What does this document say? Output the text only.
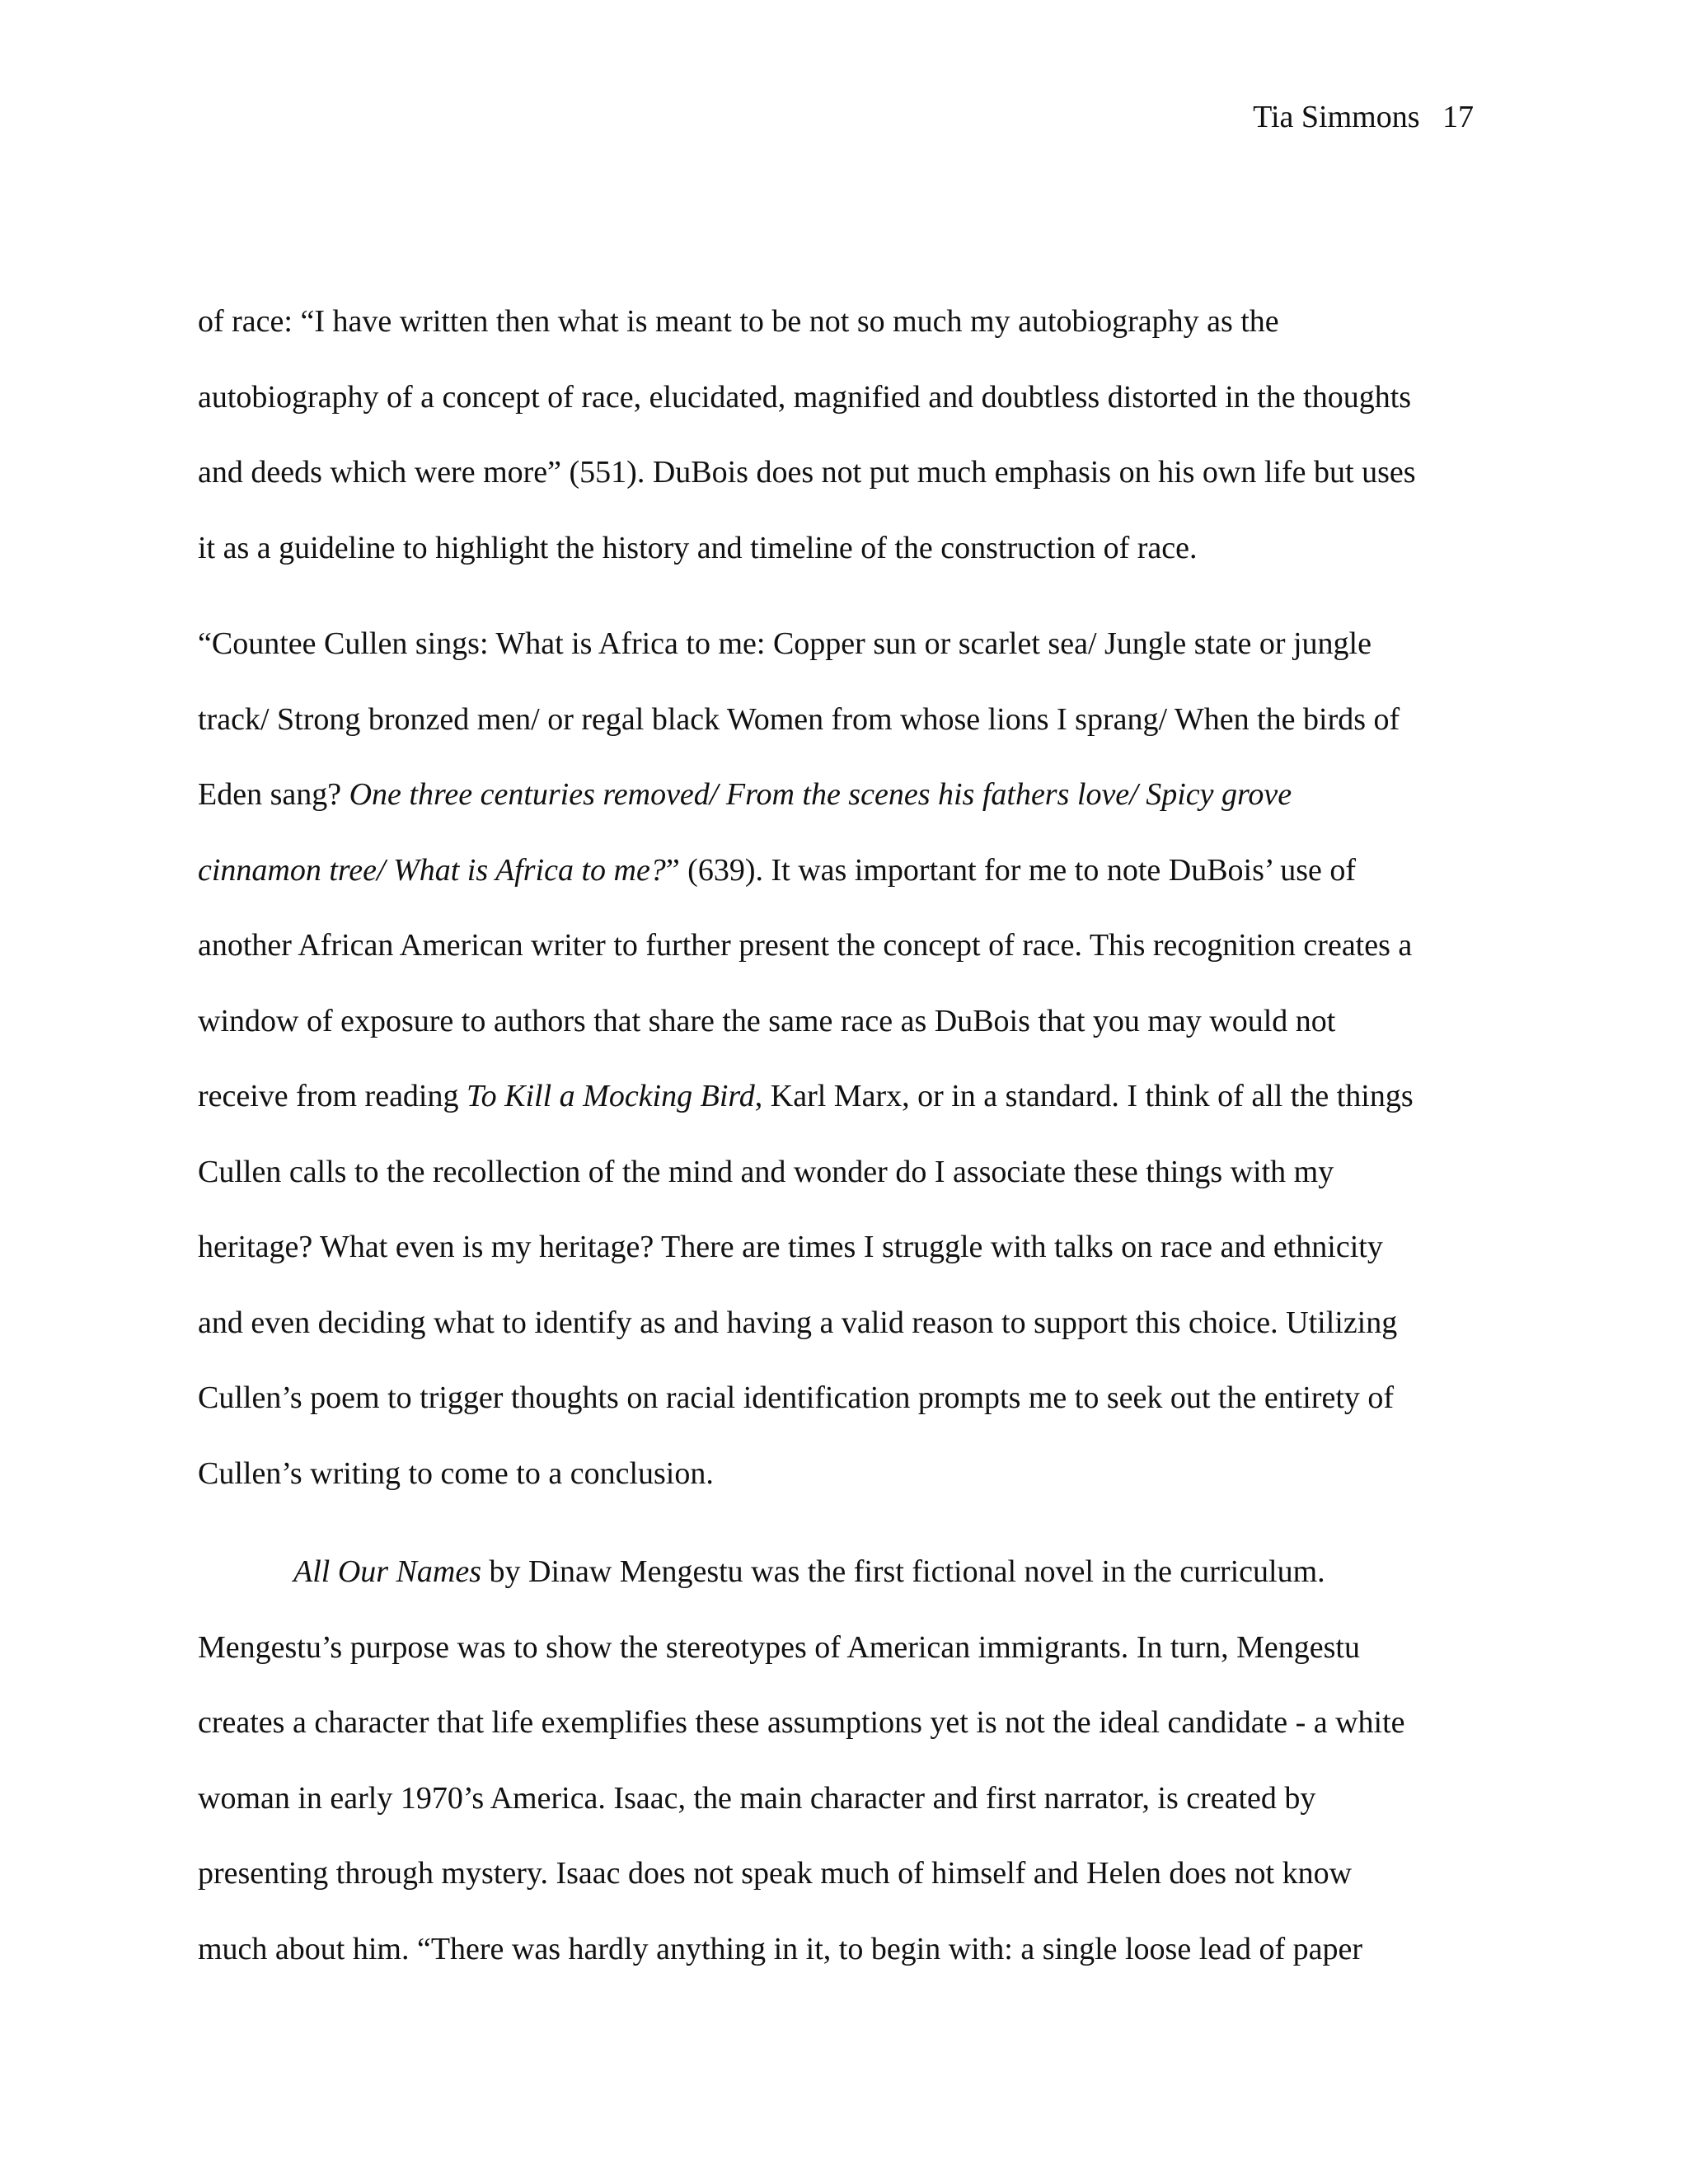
Tia Simmons 17
of race: “I have written then what is meant to be not so much my autobiography as the
autobiography of a concept of race, elucidated, magnified and doubtless distorted in the thoughts
and deeds which were more” (551). DuBois does not put much emphasis on his own life but uses
it as a guideline to highlight the history and timeline of the construction of race.
“Countee Cullen sings: What is Africa to me: Copper sun or scarlet sea/ Jungle state or jungle
track/ Strong bronzed men/ or regal black Women from whose lions I sprang/ When the birds of
Eden sang? One three centuries removed/ From the scenes his fathers love/ Spicy grove
cinnamon tree/ What is Africa to me?” (639). It was important for me to note DuBois’ use of
another African American writer to further present the concept of race. This recognition creates a
window of exposure to authors that share the same race as DuBois that you may would not
receive from reading To Kill a Mocking Bird, Karl Marx, or in a standard. I think of all the things
Cullen calls to the recollection of the mind and wonder do I associate these things with my
heritage? What even is my heritage? There are times I struggle with talks on race and ethnicity
and even deciding what to identify as and having a valid reason to support this choice. Utilizing
Cullen’s poem to trigger thoughts on racial identification prompts me to seek out the entirety of
Cullen’s writing to come to a conclusion.
All Our Names by Dinaw Mengestu was the first fictional novel in the curriculum.
Mengestu’s purpose was to show the stereotypes of American immigrants. In turn, Mengestu
creates a character that life exemplifies these assumptions yet is not the ideal candidate - a white
woman in early 1970’s America. Isaac, the main character and first narrator, is created by
presenting through mystery. Isaac does not speak much of himself and Helen does not know
much about him. “There was hardly anything in it, to begin with: a single loose lead of paper
